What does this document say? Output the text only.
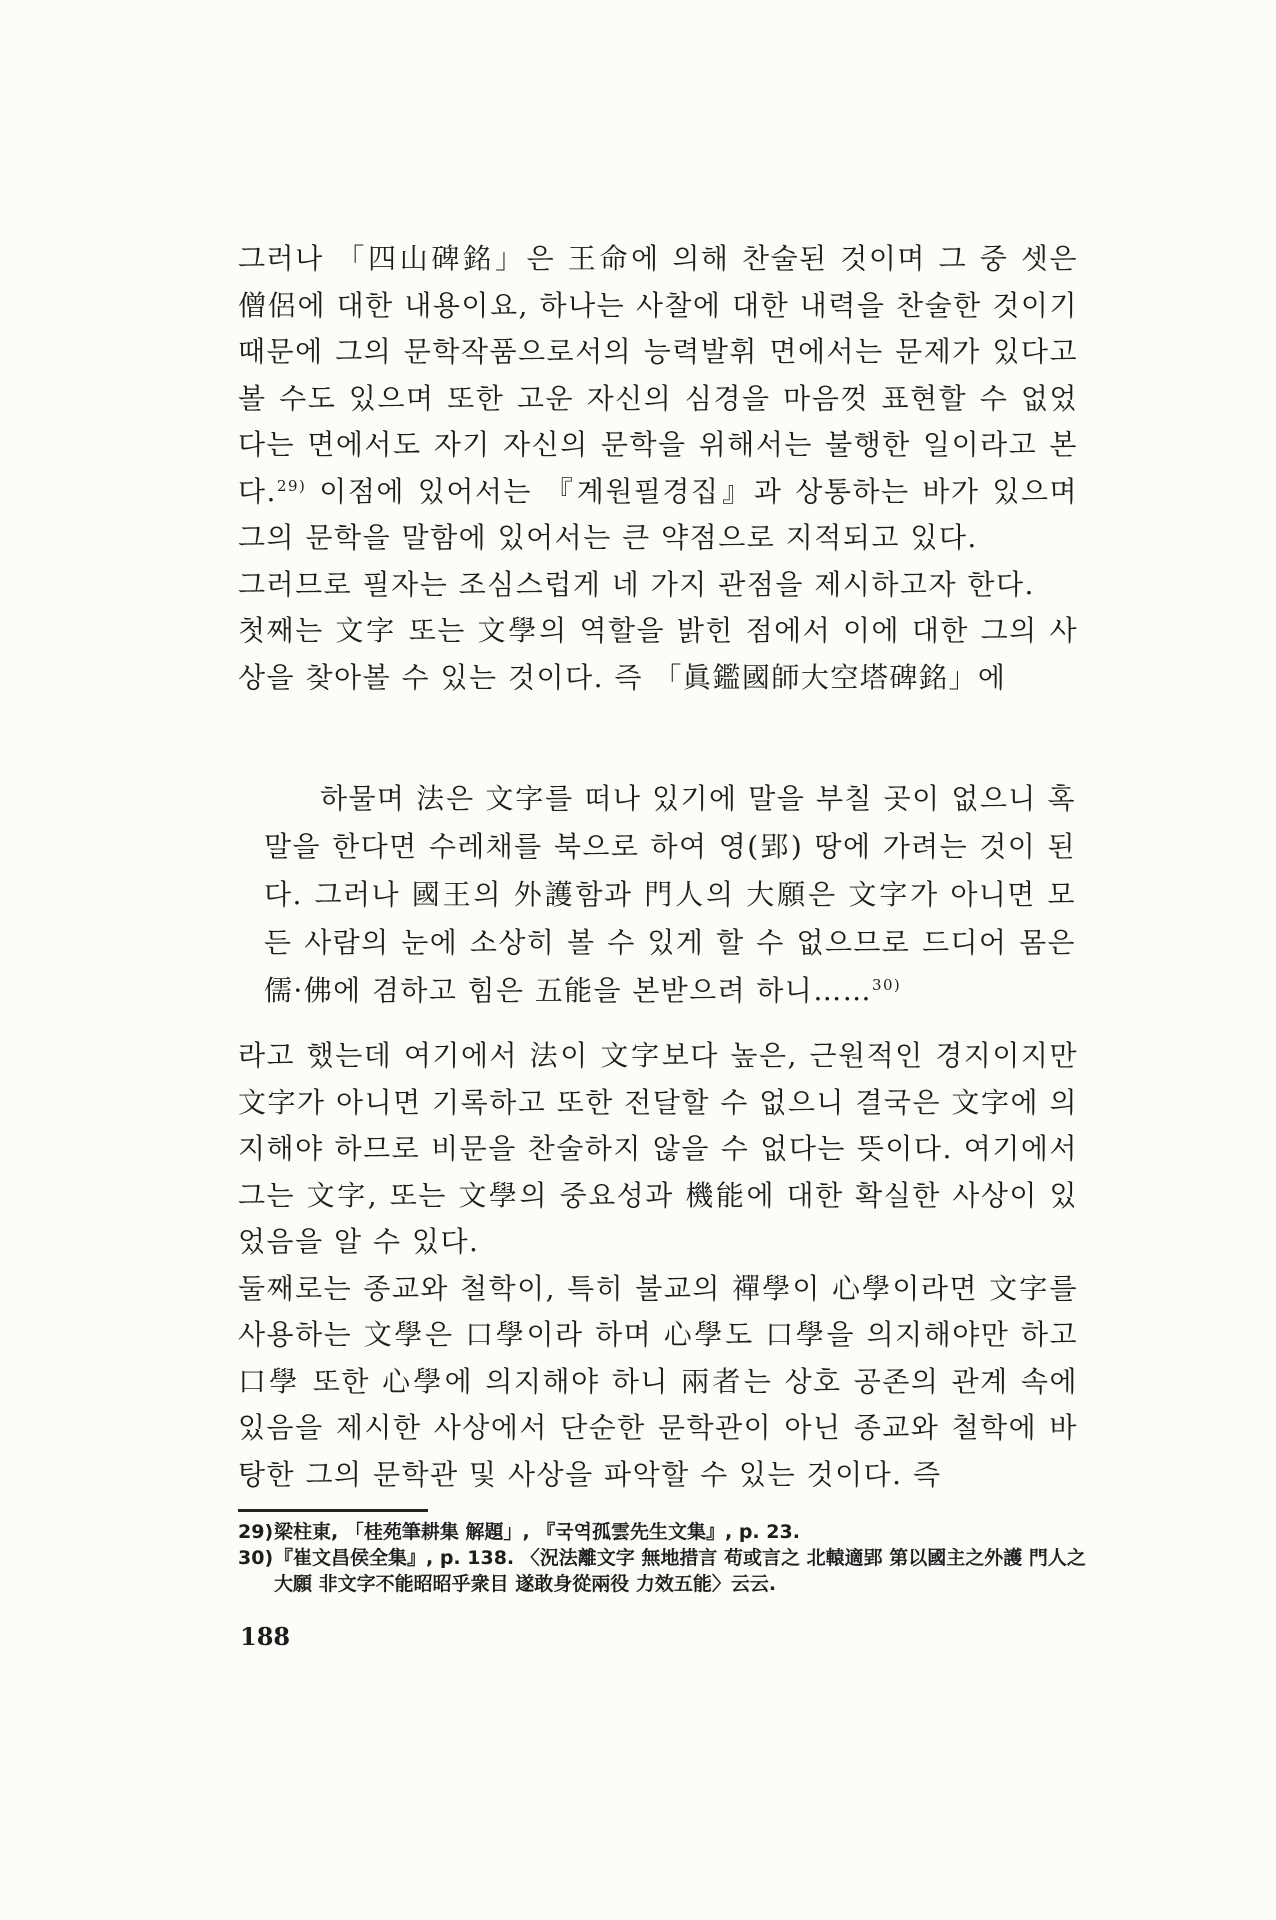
그러나 「四山碑銘」은 王命에 의해 찬술된 것이며 그 중 셋은 僧侶에 대한 내용이요, 하나는 사찰에 대한 내력을 찬술한 것이기 때문에 그의 문학작품으로서의 능력발휘 면에서는 문제가 있다고 볼 수도 있으며 또한 고운 자신의 심경을 마음껏 표현할 수 없었다는 면에서도 자기 자신의 문학을 위해서는 불행한 일이라고 본다.$^{29)}$ 이점에 있어서는 『계원필경집』과 상통하는 바가 있으며 그의 문학을 말함에 있어서는 큰 약점으로 지적되고 있다.

그러므로 필자는 조심스럽게 네 가지 관점을 제시하고자 한다.

첫째는 文字 또는 文學의 역할을 밝힌 점에서 이에 대한 그의 사상을 찾아볼 수 있는 것이다. 즉 「眞鑑國師大空塔碑銘」에

하물며 法은 文字를 떠나 있기에 말을 부칠 곳이 없으니 혹 말을 한다면 수레채를 북으로 하여 영(郢) 땅에 가려는 것이 된다. 그러나 國王의 外護함과 門人의 大願은 文字가 아니면 모든 사람의 눈에 소상히 볼 수 있게 할 수 없으므로 드디어 몸은 儒·佛에 겸하고 힘은 五能을 본받으려 하니……$^{30)}$

라고 했는데 여기에서 法이 文字보다 높은, 근원적인 경지이지만 文字가 아니면 기록하고 또한 전달할 수 없으니 결국은 文字에 의지해야 하므로 비문을 찬술하지 않을 수 없다는 뜻이다. 여기에서 그는 文字, 또는 文學의 중요성과 機能에 대한 확실한 사상이 있었음을 알 수 있다.

둘째로는 종교와 철학이, 특히 불교의 禪學이 心學이라면 文字를 사용하는 文學은 口學이라 하며 心學도 口學을 의지해야만 하고 口學 또한 心學에 의지해야 하니 兩者는 상호 공존의 관계 속에 있음을 제시한 사상에서 단순한 문학관이 아닌 종교와 철학에 바탕한 그의 문학관 및 사상을 파악할 수 있는 것이다. 즉

29) 梁柱東, 「桂苑筆耕集 解題」, 『국역孤雲先生文集』, p. 23.
30) 『崔文昌侯全集』, p. 138. 〈況法離文字 無地措言 苟或言之 北轅適郢 第以國主之外護 門人之大願 非文字不能昭昭乎衆目 遂敢身從兩役 力效五能〉云云.
188
